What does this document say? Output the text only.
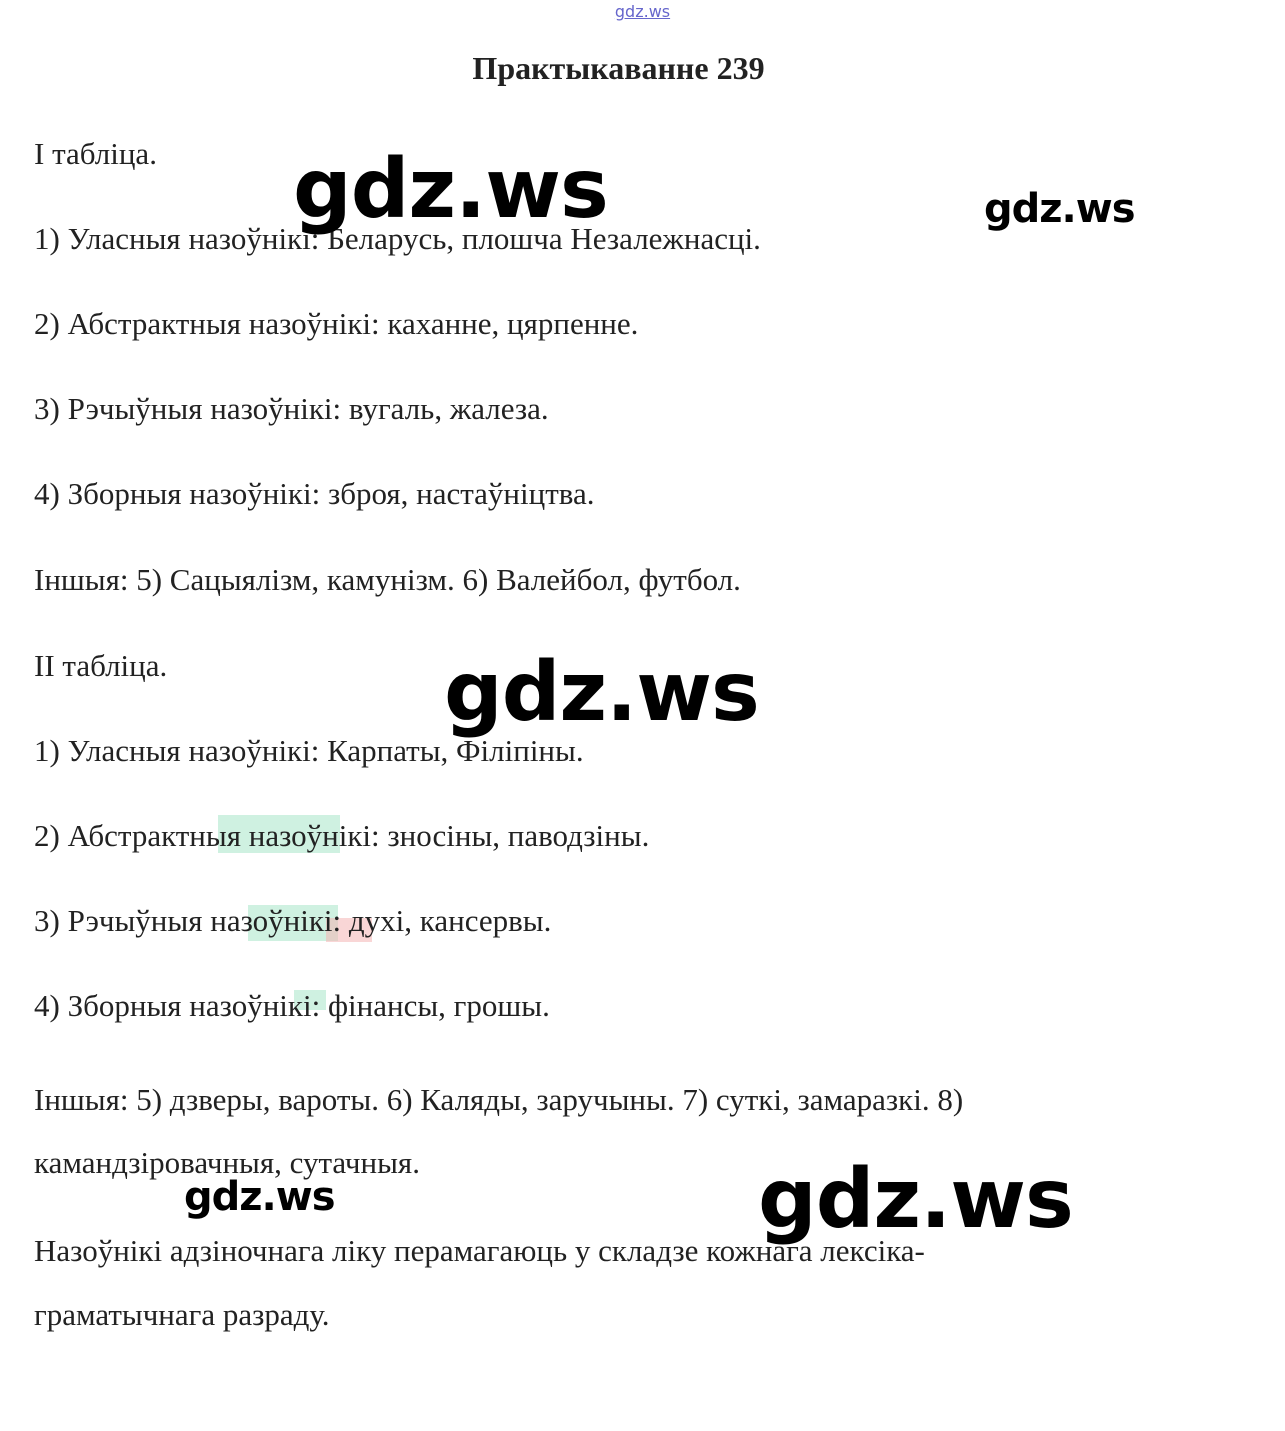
gdz.ws
Практыкаванне 239
I табліца.
1) Уласныя назоўнікі: Беларусь, плошча Незалежнасці.
2) Абстрактныя назоўнікі: каханне, цярпенне.
3) Рэчыўныя назоўнікі: вугаль, жалеза.
4) Зборныя назоўнікі: зброя, настаўніцтва.
Іншыя: 5) Сацыялізм, камунізм. 6) Валейбол, футбол.
II табліца.
1) Уласныя назоўнікі: Карпаты, Філіпіны.
2) Абстрактныя назоўнікі: зносіны, паводзіны.
3) Рэчыўныя назоўнікі: духі, кансервы.
4) Зборныя назоўнікі: фінансы, грошы.
Іншыя: 5) дзверы, вароты. 6) Каляды, заручыны. 7) суткі, замаразкі. 8)
камандзіровачныя, сутачныя.
Назоўнікі адзіночнага ліку перамагаюць у складзе кожнага лексіка-
граматычнага разраду.
gdz.ws	gdz.ws
gdz.ws
gdz.ws	gdz.ws
